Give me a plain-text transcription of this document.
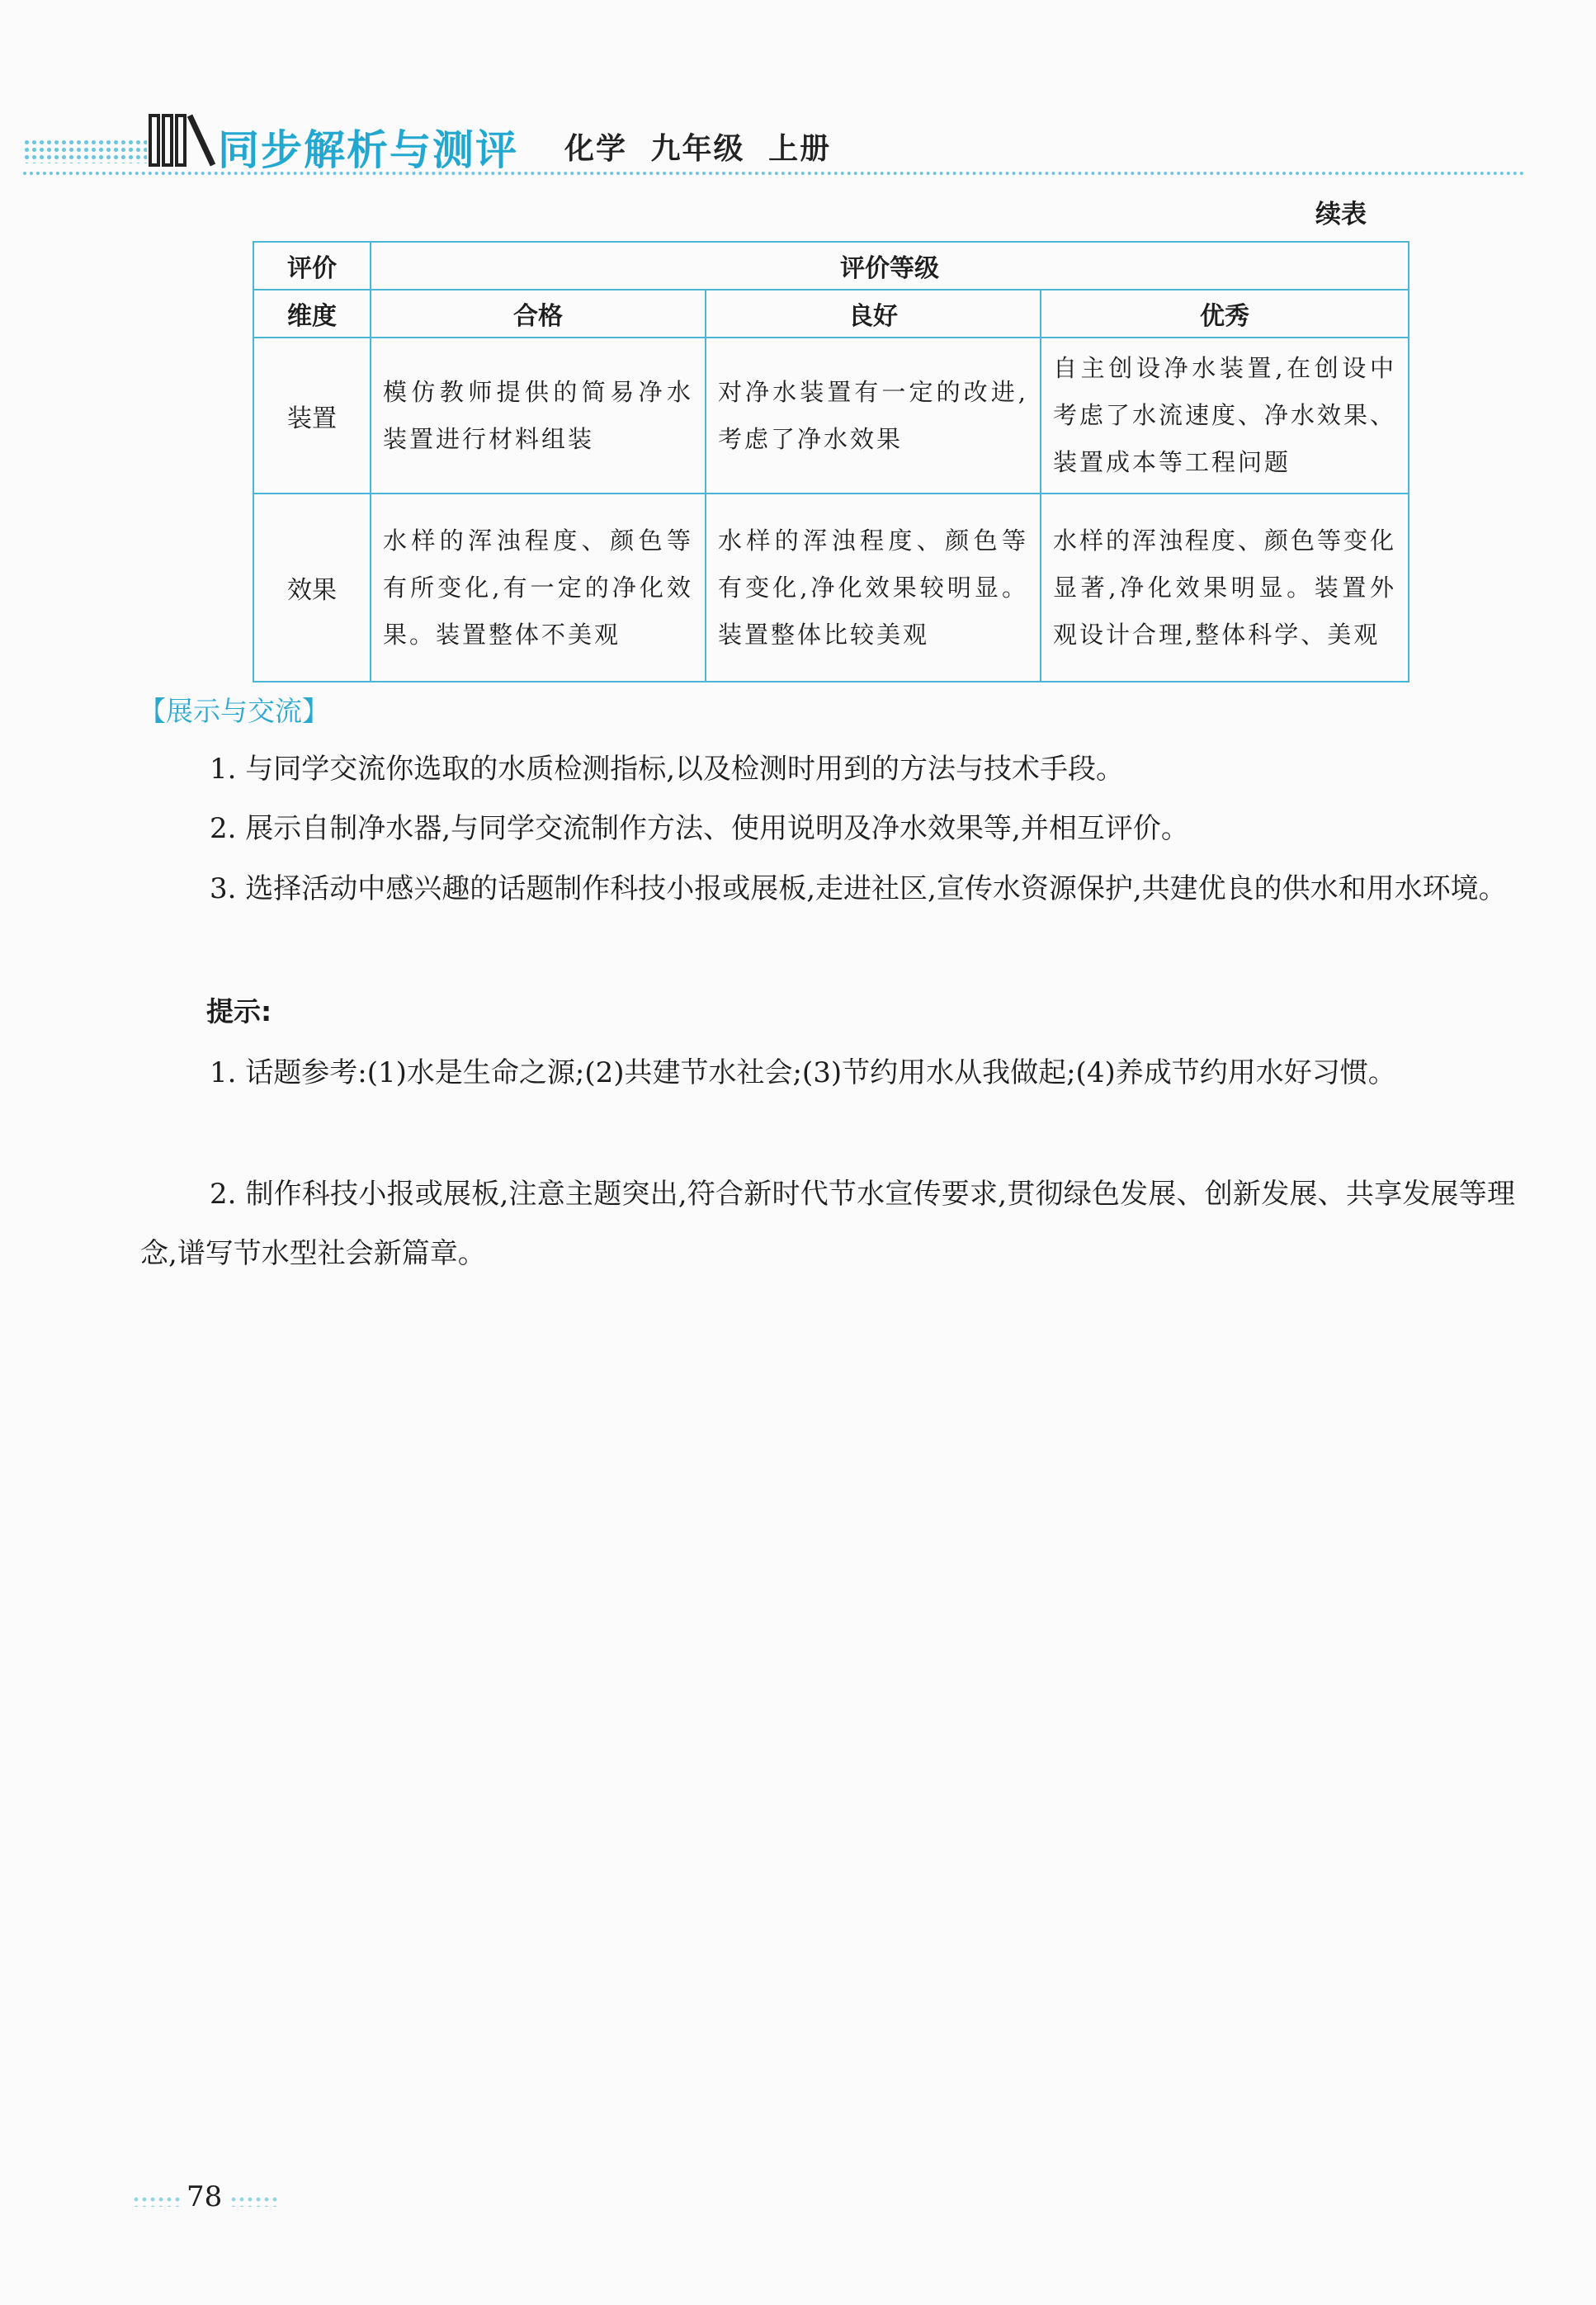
同步解析与测评 化学 九年级 上册
续表
评价	评价等级		
维度	合格	良好	优秀
装置	模仿教师提供的简易净水装置进行材料组装	对净水装置有一定的改进,考虑了净水效果	自主创设净水装置,在创设中考虑了水流速度、净水效果、装置成本等工程问题
效果	水样的浑浊程度、颜色等有所变化,有一定的净化效果。装置整体不美观	水样的浑浊程度、颜色等有变化,净化效果较明显。装置整体比较美观	水样的浑浊程度、颜色等变化显著,净化效果明显。装置外观设计合理,整体科学、美观
【展示与交流】
1. 与同学交流你选取的水质检测指标,以及检测时用到的方法与技术手段。
2. 展示自制净水器,与同学交流制作方法、使用说明及净水效果等,并相互评价。
3. 选择活动中感兴趣的话题制作科技小报或展板,走进社区,宣传水资源保护,共建优良的供水和用水环境。
提示:
1. 话题参考:(1)水是生命之源;(2)共建节水社会;(3)节约用水从我做起;(4)养成节约用水好习惯。
2. 制作科技小报或展板,注意主题突出,符合新时代节水宣传要求,贯彻绿色发展、创新发展、共享发展等理念,谱写节水型社会新篇章。
78
